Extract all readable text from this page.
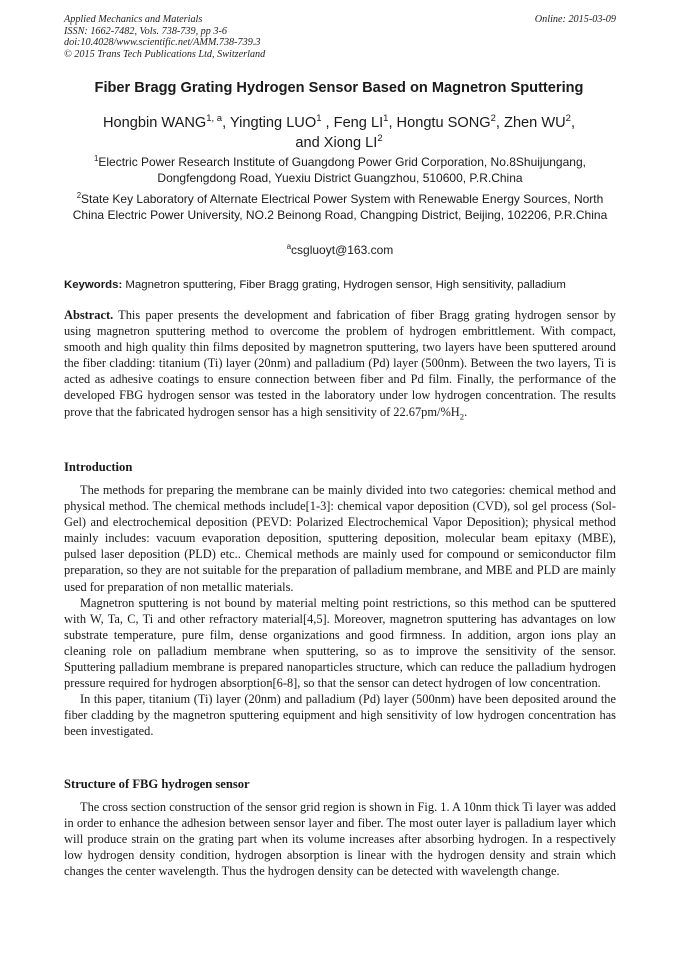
Applied Mechanics and Materials
ISSN: 1662-7482, Vols. 738-739, pp 3-6
doi:10.4028/www.scientific.net/AMM.738-739.3
© 2015 Trans Tech Publications Ltd, Switzerland
Online: 2015-03-09
Fiber Bragg Grating Hydrogen Sensor Based on Magnetron Sputtering
Hongbin WANG$^{1, a}$, Yingting LUO$^1$ , Feng $LI^1$, Hongtu SONG$^2$, Zhen $WU^2$,
and Xiong $LI^2$
$^1$Electric Power Research Institute of Guangdong Power Grid Corporation, No.8Shuijungang, Dongfengdong Road, Yuexiu District Guangzhou, 510600, P.R.China
$^2$State Key Laboratory of Alternate Electrical Power System with Renewable Energy Sources, North China Electric Power University, NO.2 Beinong Road, Changping District, Beijing, 102206, P.R.China
$^a$csgluoyt@163.com
Keywords: Magnetron sputtering, Fiber Bragg grating, Hydrogen sensor, High sensitivity, palladium

Abstract. This paper presents the development and fabrication of fiber Bragg grating hydrogen sensor by using magnetron sputtering method to overcome the problem of hydrogen embrittlement. With compact, smooth and high quality thin films deposited by magnetron sputtering, two layers have been sputtered around the fiber cladding: titanium (Ti) layer (20nm) and palladium (Pd) layer (500nm). Between the two layers, Ti is acted as adhesive coatings to ensure connection between fiber and Pd film. Finally, the performance of the developed FBG hydrogen sensor was tested in the laboratory under low hydrogen concentration. The results prove that the fabricated hydrogen sensor has a high sensitivity of $22.67pm/\%H_2$.

Introduction

The methods for preparing the membrane can be mainly divided into two categories: chemical method and physical method. The chemical methods include[1-3]: chemical vapor deposition (CVD), sol gel process (Sol-Gel) and electrochemical deposition (PEVD: Polarized Electrochemical Vapor Deposition); physical method mainly includes: vacuum evaporation deposition, sputtering deposition, molecular beam epitaxy (MBE), pulsed laser deposition (PLD) etc.. Chemical methods are mainly used for compound or semiconductor film preparation, so they are not suitable for the preparation of palladium membrane, and MBE and PLD are mainly used for preparation of non metallic materials.

Magnetron sputtering is not bound by material melting point restrictions, so this method can be sputtered with W, Ta, C, Ti and other refractory material[4,5]. Moreover, magnetron sputtering has advantages on low substrate temperature, pure film, dense organizations and good firmness. In addition, argon ions play an cleaning role on palladium membrane when sputtering, so as to improve the sensitivity of the sensor. Sputtering palladium membrane is prepared nanoparticles structure, which can reduce the palladium hydrogen pressure required for hydrogen absorption[6-8], so that the sensor can detect hydrogen of low concentration.

In this paper, titanium (Ti) layer (20nm) and palladium (Pd) layer (500nm) have been deposited around the fiber cladding by the magnetron sputtering equipment and high sensitivity of low hydrogen concentration has been investigated.

Structure of FBG hydrogen sensor

The cross section construction of the sensor grid region is shown in Fig. 1. A 10nm thick Ti layer was added in order to enhance the adhesion between sensor layer and fiber. The most outer layer is palladium layer which will produce strain on the grating part when its volume increases after absorbing hydrogen. In a respectively low hydrogen density condition, hydrogen absorption is linear with the hydrogen density and strain which changes the center wavelength. Thus the hydrogen density can be detected with wavelength change.
